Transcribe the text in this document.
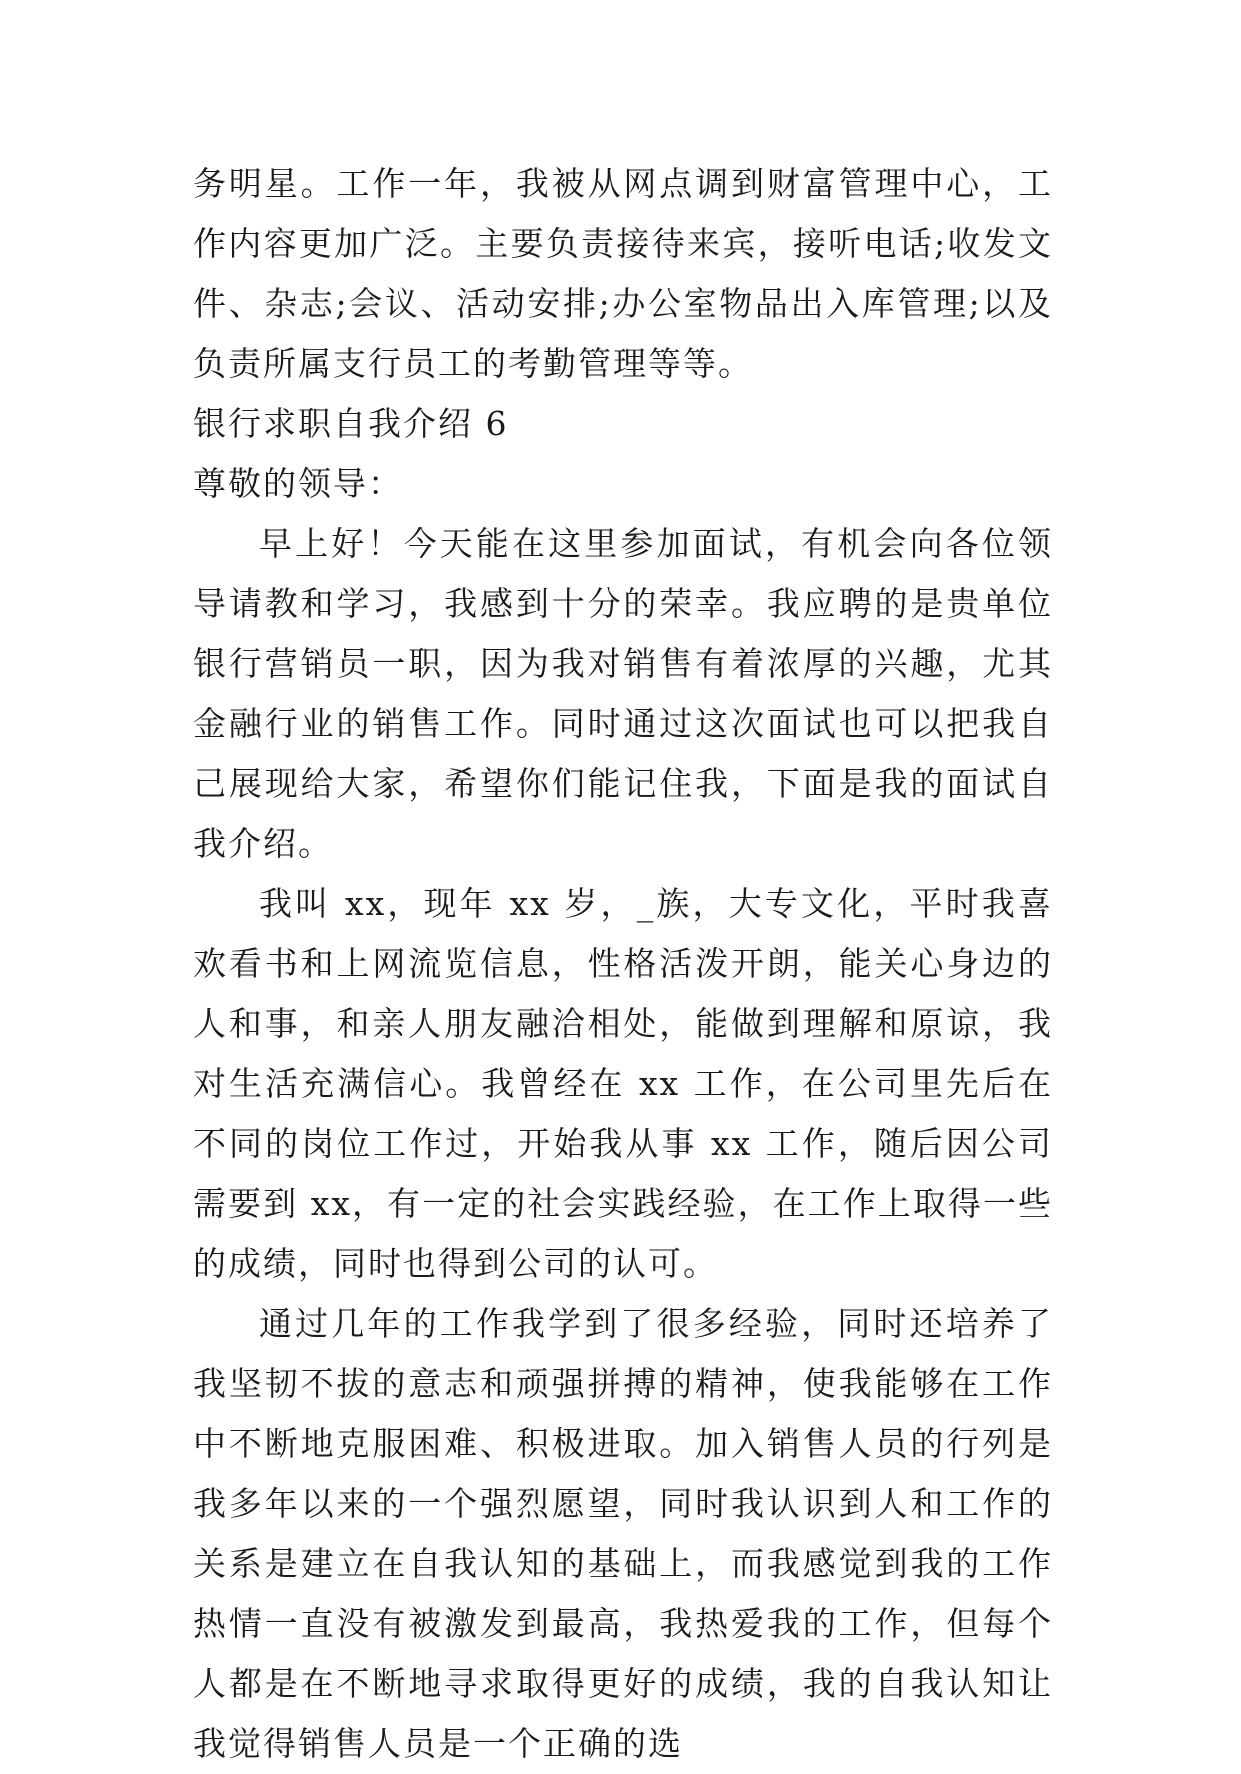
务明星。工作一年，我被从网点调到财富管理中心，工作内容更加广泛。主要负责接待来宾，接听电话;收发文件、杂志;会议、活动安排;办公室物品出入库管理;以及负责所属支行员工的考勤管理等等。

银行求职自我介绍 6

尊敬的领导：

早上好！今天能在这里参加面试，有机会向各位领导请教和学习，我感到十分的荣幸。我应聘的是贵单位银行营销员一职，因为我对销售有着浓厚的兴趣，尤其金融行业的销售工作。同时通过这次面试也可以把我自己展现给大家，希望你们能记住我，下面是我的面试自我介绍。

我叫 xx，现年 xx 岁，_族，大专文化，平时我喜欢看书和上网流览信息，性格活泼开朗，能关心身边的人和事，和亲人朋友融洽相处，能做到理解和原谅，我对生活充满信心。我曾经在 xx 工作，在公司里先后在不同的岗位工作过，开始我从事 xx 工作，随后因公司需要到 xx，有一定的社会实践经验，在工作上取得一些的成绩，同时也得到公司的认可。

通过几年的工作我学到了很多经验，同时还培养了我坚韧不拔的意志和顽强拼搏的精神，使我能够在工作中不断地克服困难、积极进取。加入销售人员的行列是我多年以来的一个强烈愿望，同时我认识到人和工作的关系是建立在自我认知的基础上，而我感觉到我的工作热情一直没有被激发到最高，我热爱我的工作，但每个人都是在不断地寻求取得更好的成绩，我的自我认知让我觉得销售人员是一个正确的选
